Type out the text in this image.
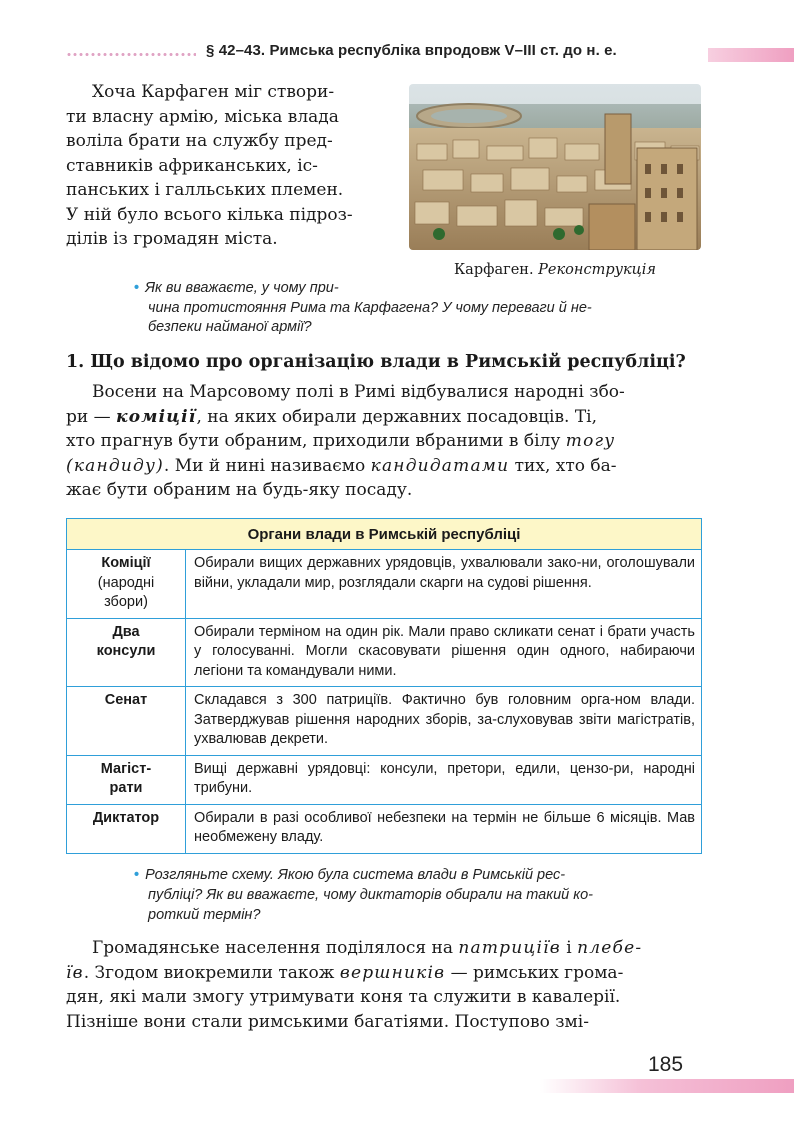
§ 42–43. Римська республіка впродовж V–III ст. до н. е.
Хоча Карфаген міг створи-
ти власну армію, міська влада
воліла брати на службу пред-
ставників африканських, іс-
панських і галльських племен.
У ній було всього кілька підроз-
ділів із громадян міста.
Карфаген. Реконструкція
• Як ви вважаєте, у чому при-
чина протистояння Рима та Карфагена? У чому переваги й не-
безпеки найманої армії?
1. Що відомо про організацію влади в Римській республіці?
Восени на Марсовому полі в Римі відбувалися народні збо-
ри — коміції, на яких обирали державних посадовців. Ті,
хто прагнув бути обраним, приходили вбраними в білу тогу
(кандиду). Ми й нині називаємо кандидатами тих, хто ба-
жає бути обраним на будь-яку посаду.
Органи влади в Римській республіці	

Коміції
(народні
збори)	Обирали вищих державних урядовців, ухвалювали зако-ни, оголошували війни, укладали мир, розглядали скарги на судові рішення.

Два
консули	Обирали терміном на один рік. Мали право скликати сенат і брати участь у голосуванні. Могли скасовувати рішення один одного, набираючи легіони та командували ними.

Сенат	Складався з 300 патриціїв. Фактично був головним орга-ном влади. Затверджував рішення народних зборів, за-слуховував звіти магістратів, ухвалював декрети.

Магіст-
рати	Вищі державні урядовці: консули, претори, едили, цензо-ри, народні трибуни.

Диктатор	Обирали в разі особливої небезпеки на термін не більше 6 місяців. Мав необмежену владу.
• Розгляньте схему. Якою була система влади в Римській рес-
публіці? Як ви вважаєте, чому диктаторів обирали на такий ко-
роткий термін?
Громадянське населення поділялося на патриціїв і плебе-
їв. Згодом виокремили також вершників — римських грома-
дян, які мали змогу утримувати коня та служити в кавалерії.
Пізніше вони стали римськими багатіями. Поступово змі-
185
